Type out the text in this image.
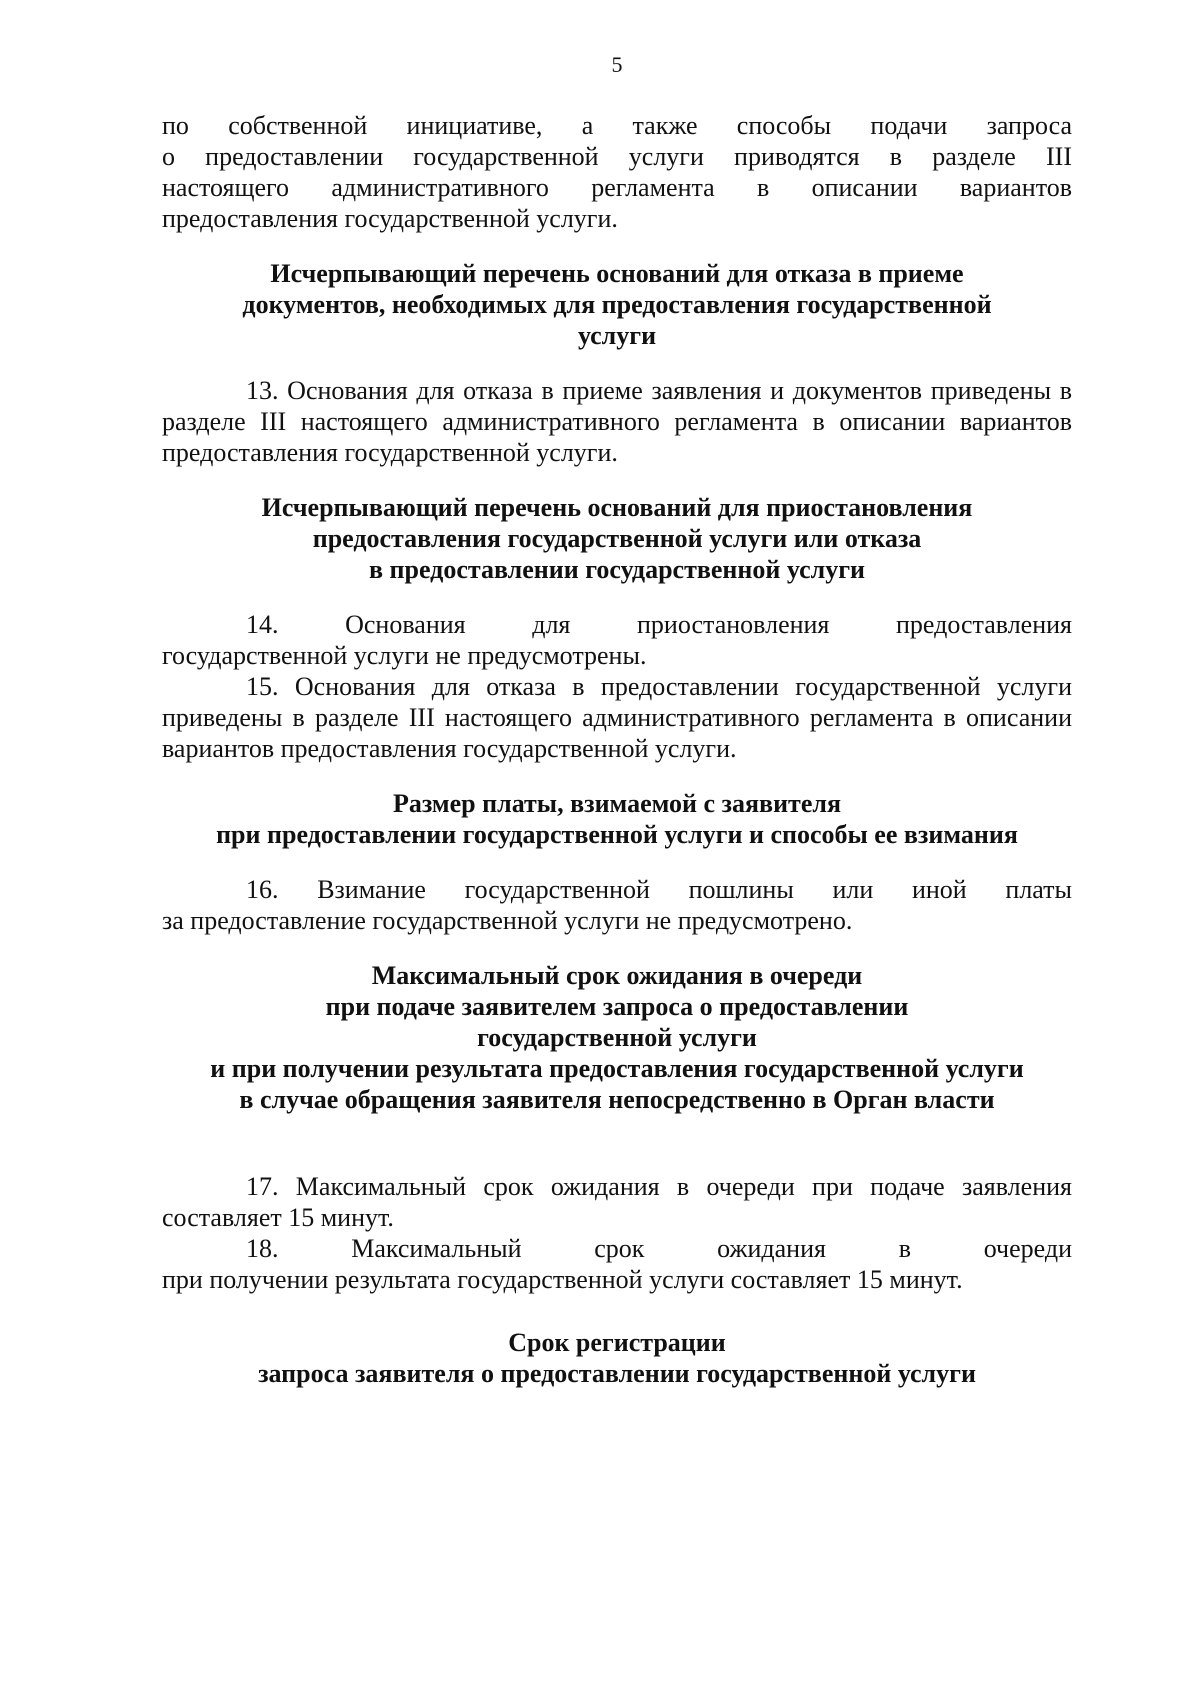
5

по собственной инициативе, а также способы подачи запроса

о предоставлении государственной услуги приводятся в разделе III

настоящего административного регламента в описании вариантов

предоставления государственной услуги.

Исчерпывающий перечень оснований для отказа в приеме
документов, необходимых для предоставления государственной
услуги

13. Основания для отказа в приеме заявления и документов приведены в разделе III настоящего административного регламента в описании вариантов предоставления государственной услуги.

Исчерпывающий перечень оснований для приостановления
предоставления государственной услуги или отказа
в предоставлении государственной услуги

14. Основания для приостановления предоставления

государственной услуги не предусмотрены.

15. Основания для отказа в предоставлении государственной услуги приведены в разделе III настоящего административного регламента в описании вариантов предоставления государственной услуги.

Размер платы, взимаемой с заявителя
при предоставлении государственной услуги и способы ее взимания

16. Взимание государственной пошлины или иной платы

за предоставление государственной услуги не предусмотрено.

Максимальный срок ожидания в очереди
при подаче заявителем запроса о предоставлении
государственной услуги
и при получении результата предоставления государственной услуги
в случае обращения заявителя непосредственно в Орган власти

17. Максимальный срок ожидания в очереди при подаче заявления составляет 15 минут.

18. Максимальный срок ожидания в очереди

при получении результата государственной услуги составляет 15 минут.

Срок регистрации
запроса заявителя о предоставлении государственной услуги
